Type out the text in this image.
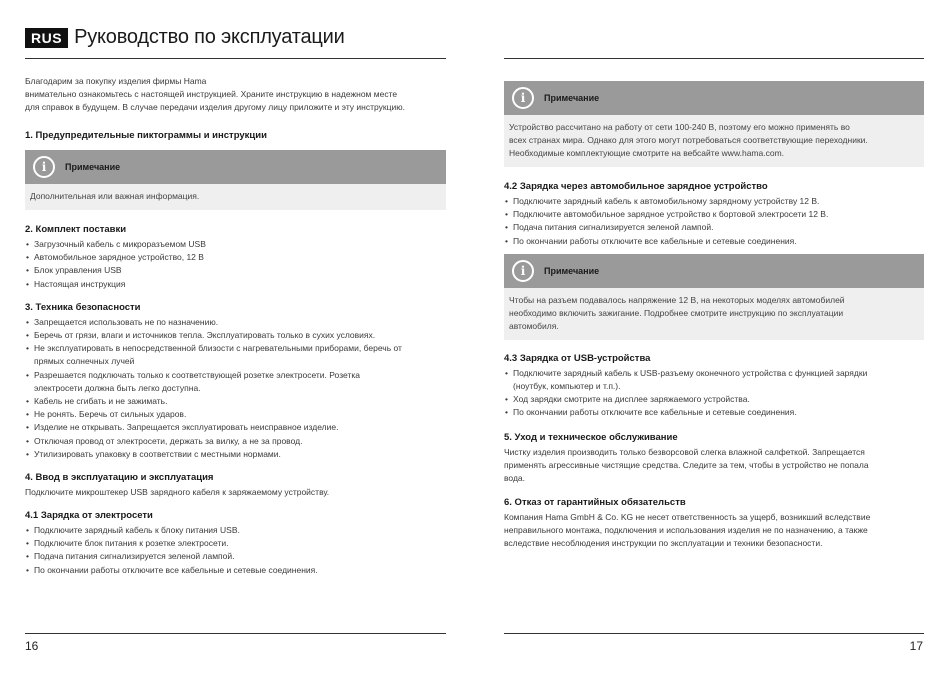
RUS Руководство по эксплуатации

Благодарим за покупку изделия фирмы Hama

внимательно ознакомьтесь с настоящей инструкцией. Храните инструкцию в надежном месте

для справок в будущем. В случае передачи изделия другому лицу приложите и эту инструкцию.

1. Предупредительные пиктограммы и инструкции
i	Примечание

Дополнительная или важная информация.

2. Комплект поставки
• Загрузочный кабель с микроразъемом USB
• Автомобильное зарядное устройство, 12 В
• Блок управления USB
• Настоящая инструкция
3. Техника безопасности
• Запрещается использовать не по назначению.
• Беречь от грязи, влаги и источников тепла. Эксплуатировать только в сухих условиях.
• Не эксплуатировать в непосредственной близости с нагревательными приборами, беречь от
прямых солнечных лучей
• Разрешается подключать только к соответствующей розетке электросети. Розетка
электросети должна быть легко доступна.
• Кабель не сгибать и не зажимать.
• Не ронять. Беречь от сильных ударов.
• Изделие не открывать. Запрещается эксплуатировать неисправное изделие.
• Отключая провод от электросети, держать за вилку, а не за провод.
• Утилизировать упаковку в соответствии с местными нормами.
4. Ввод в эксплуатацию и эксплуатация

Подключите микроштекер USB зарядного кабеля к заряжаемому устройству.

4.1 Зарядка от электросети
• Подключите зарядный кабель к блоку питания USB.
• Подключите блок питания к розетке электросети.
• Подача питания сигнализируется зеленой лампой.
• По окончании работы отключите все кабельные и сетевые соединения.
16
i	Примечание

Устройство рассчитано на работу от сети 100-240 В, поэтому его можно применять во

всех странах мира. Однако для этого могут потребоваться соответствующие переходники.

Необходимые комплектующие смотрите на вебсайте www.hama.com.

4.2 Зарядка через автомобильное зарядное устройство
• Подключите зарядный кабель к автомобильному зарядному устройству 12 В.
• Подключите автомобильное зарядное устройство к бортовой электросети 12 В.
• Подача питания сигнализируется зеленой лампой.
• По окончании работы отключите все кабельные и сетевые соединения.
i	Примечание

Чтобы на разъем подавалось напряжение 12 В, на некоторых моделях автомобилей

необходимо включить зажигание. Подробнее смотрите инструкцию по эксплуатации

автомобиля.

4.3 Зарядка от USB-устройства
• Подключите зарядный кабель к USB-разъему оконечного устройства с функцией зарядки
(ноутбук, компьютер и т.п.).
• Ход зарядки смотрите на дисплее заряжаемого устройства.
• По окончании работы отключите все кабельные и сетевые соединения.
5. Уход и техническое обслуживание

Чистку изделия производить только безворсовой слегка влажной салфеткой. Запрещается

применять агрессивные чистящие средства. Следите за тем, чтобы в устройство не попала

вода.

6. Отказ от гарантийных обязательств

Компания Hama GmbH & Co. KG не несет ответственность за ущерб, возникший вследствие

неправильного монтажа, подключения и использования изделия не по назначению, а также

вследствие несоблюдения инструкции по эксплуатации и техники безопасности.

17
